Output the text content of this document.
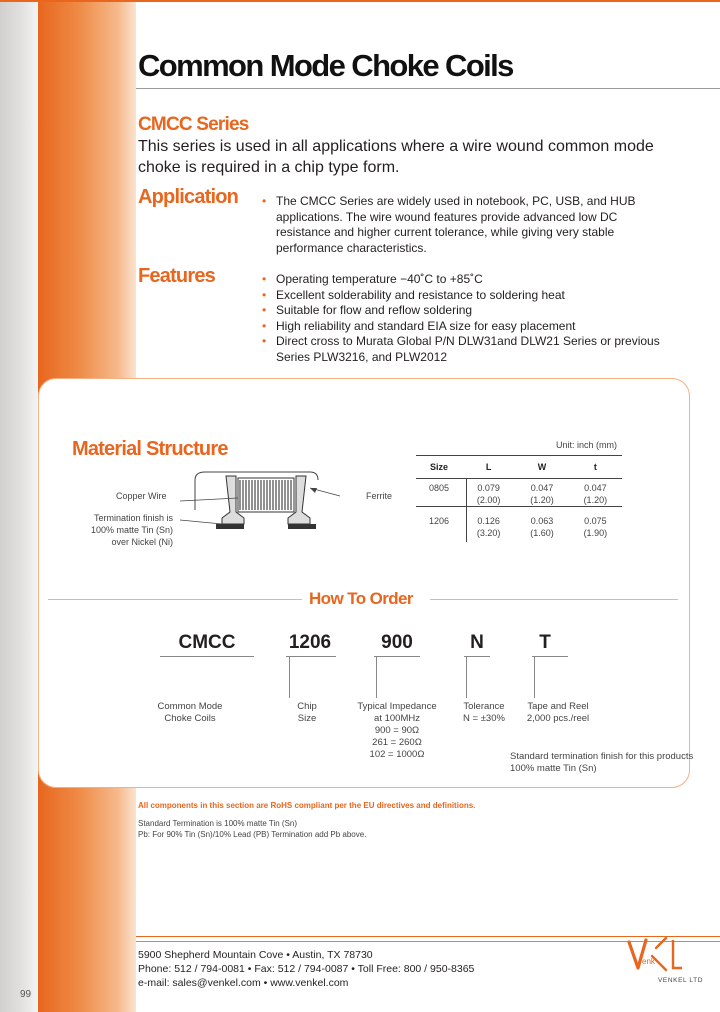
Common Mode Choke Coils
CMCC Series

This series is used in all applications where a wire wound common mode choke is required in a chip type form.

Application	• The CMCC Series are widely used in notebook, PC, USB, and HUB applications. The wire wound features provide advanced low DC resistance and higher current tolerance, while giving very stable performance characteristics.
Features	• Operating temperature −40˚C to +85˚C
• Excellent solderability and resistance to soldering heat
• Suitable for flow and reflow soldering
• High reliability and standard EIA size for easy placement
• Direct cross to Murata Global P/N DLW31and DLW21 Series or previous Series PLW3216, and PLW2012
Material Structure
Copper Wire	Ferrite
Termination finish is
100% matte Tin (Sn)
over Nickel (Ni)
Unit: inch (mm)
Size	L	W	t
0805	0.079	0.047	0.047
	(2.00)	(1.20)	(1.20)

1206	0.126	0.063	0.075
	(3.20)	(1.60)	(1.90)
How To Order
CMCC	1206	900	N	T
Common Mode
Choke Coils
Chip
Size
Typical Impedance
at 100MHz
900 = 90Ω
261 = 260Ω
102 = 1000Ω
Tolerance
N = ±30%
Tape and Reel
2,000 pcs./reel
Standard termination finish for this products
100% matte Tin (Sn)
All components in this section are RoHS compliant per the EU directives and definitions.
Standard Termination is 100% matte Tin (Sn)
Pb: For 90% Tin (Sn)/10% Lead (PB) Termination add Pb above.
5900 Shepherd Mountain Cove • Austin, TX 78730
Phone: 512 / 794-0081 • Fax: 512 / 794-0087 • Toll Free: 800 / 950-8365
e-mail: sales@venkel.com • www.venkel.com
enk
VENKEL LTD
99
